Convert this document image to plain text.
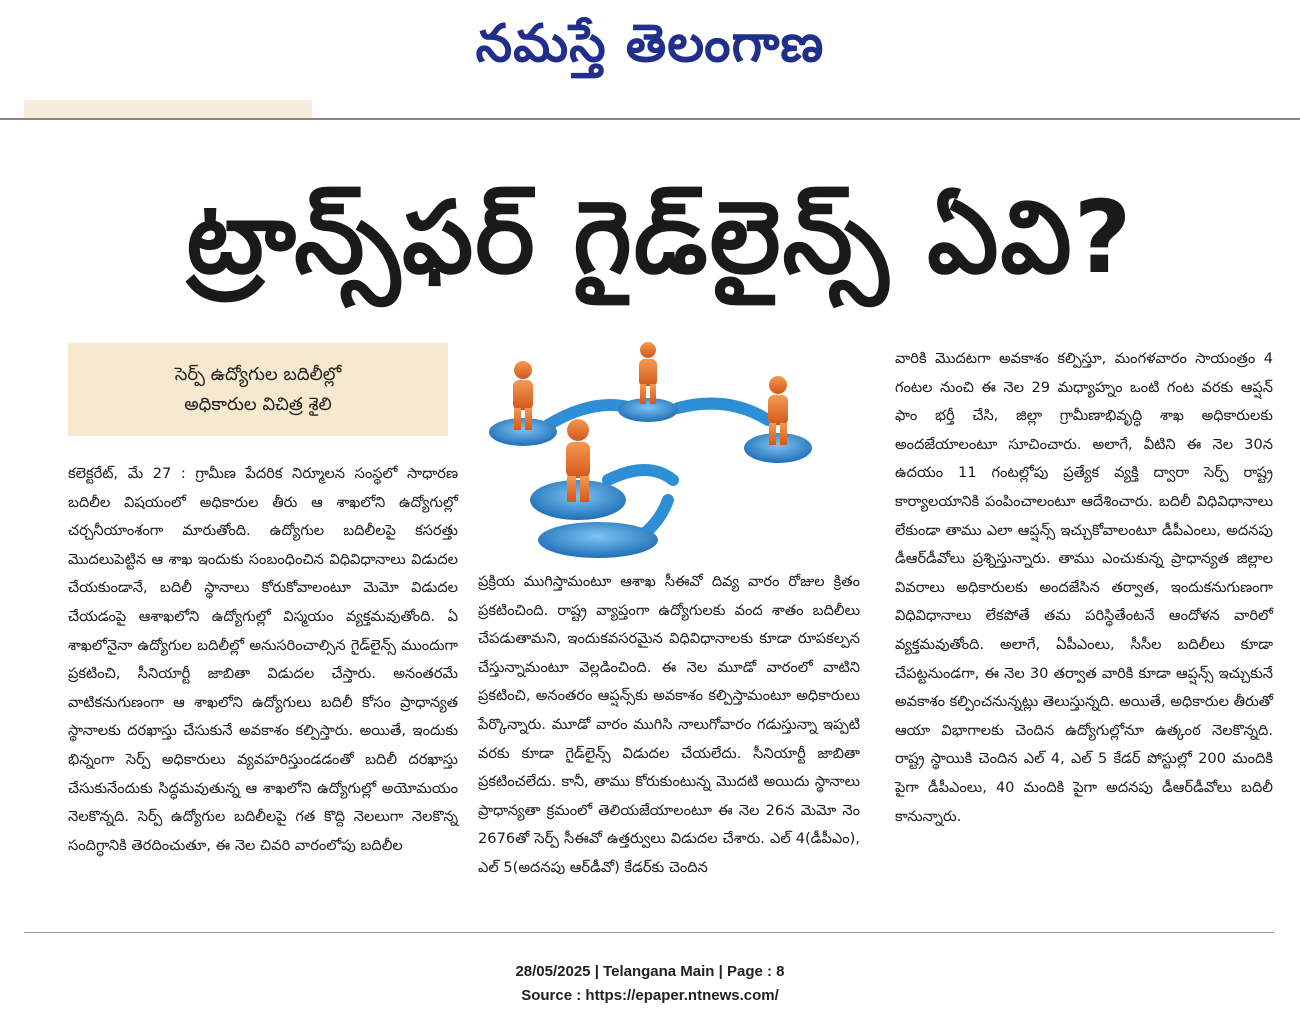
నమస్తే తెలంగాణ
ట్రాన్స్‌ఫర్ గైడ్‌లైన్స్ ఏవి?
సెర్ప్ ఉద్యోగుల బదిలీల్లో
అధికారుల విచిత్ర శైలి

కలెక్టరేట్, మే 27 : గ్రామీణ పేదరిక నిర్మూలన సంస్థలో సాధారణ బదిలీల విషయంలో అధికారుల తీరు ఆ శాఖలోని ఉద్యోగుల్లో చర్చనీయాంశంగా మారుతోంది. ఉద్యోగుల బదిలీలపై కసరత్తు మొదలుపెట్టిన ఆ శాఖ ఇందుకు సంబంధించిన విధివిధానాలు విడుదల చేయకుండానే, బదిలీ స్థానాలు కోరుకోవాలంటూ మెమో విడుదల చేయడంపై ఆశాఖలోని ఉద్యోగుల్లో విస్మయం వ్యక్తమవుతోంది. ఏ శాఖలోనైనా ఉద్యోగుల బదిలీల్లో అనుసరించాల్సిన గైడ్‌లైన్స్ ముందుగా ప్రకటించి, సీనియార్టీ జాబితా విడుదల చేస్తారు. అనంతరమే వాటికనుగుణంగా ఆ శాఖలోని ఉద్యోగులు బదిలీ కోసం ప్రాధాన్యత స్థానాలకు దరఖాస్తు చేసుకునే అవకాశం కల్పిస్తారు. అయితే, ఇందుకు భిన్నంగా సెర్ప్ అధికారులు వ్యవహరిస్తుండడంతో బదిలీ దరఖాస్తు చేసుకునేందుకు సిద్ధమవుతున్న ఆ శాఖలోని ఉద్యోగుల్లో అయోమయం నెలకొన్నది. సెర్ప్ ఉద్యోగుల బదిలీలపై గత కొద్ది నెలలుగా నెలకొన్న సందిగ్ధానికి తెరదించుతూ, ఈ నెల చివరి వారంలోపు బదిలీల

ప్రక్రియ ముగిస్తామంటూ ఆశాఖ సీఈవో దివ్య వారం రోజుల క్రితం ప్రకటించింది. రాష్ట్ర వ్యాప్తంగా ఉద్యోగులకు వంద శాతం బదిలీలు చేపడుతామని, ఇందుకవసరమైన విధివిధానాలకు కూడా రూపకల్పన చేస్తున్నామంటూ వెల్లడించింది. ఈ నెల మూడో వారంలో వాటిని ప్రకటించి, అనంతరం ఆప్షన్స్‌కు అవకాశం కల్పిస్తామంటూ అధికారులు పేర్కొన్నారు. మూడో వారం ముగిసి నాలుగోవారం గడుస్తున్నా ఇప్పటి వరకు కూడా గైడ్‌లైన్స్ విడుదల చేయలేదు. సీనియార్టీ జాబితా ప్రకటించలేదు. కానీ, తాము కోరుకుంటున్న మొదటి అయిదు స్థానాలు ప్రాధాన్యతా క్రమంలో తెలియజేయాలంటూ ఈ నెల 26న మెమో నెం 2676తో సెర్ప్ సీఈవో ఉత్తర్వులు విడుదల చేశారు. ఎల్ 4(డీపీఎం), ఎల్ 5(అదనపు ఆర్‌డీవో) కేడర్‌కు చెందిన

వారికి మొదటగా అవకాశం కల్పిస్తూ, మంగళవారం సాయంత్రం 4 గంటల నుంచి ఈ నెల 29 మధ్యాహ్నం ఒంటి గంట వరకు ఆప్షన్ ఫాం భర్తీ చేసి, జిల్లా గ్రామీణాభివృద్ధి శాఖ అధికారులకు అందజేయాలంటూ సూచించారు. అలాగే, వీటిని ఈ నెల 30న ఉదయం 11 గంటల్లోపు ప్రత్యేక వ్యక్తి ద్వారా సెర్ప్ రాష్ట్ర కార్యాలయానికి పంపించాలంటూ ఆదేశించారు. బదిలీ విధివిధానాలు లేకుండా తాము ఎలా ఆప్షన్స్ ఇచ్చుకోవాలంటూ డీపీఎంలు, అదనపు డీఆర్‌డీవోలు ప్రశ్నిస్తున్నారు. తాము ఎంచుకున్న ప్రాధాన్యత జిల్లాల వివరాలు అధికారులకు అందజేసిన తర్వాత, ఇందుకనుగుణంగా విధివిధానాలు లేకపోతే తమ పరిస్థితేంటనే ఆందోళన వారిలో వ్యక్తమవుతోంది. అలాగే, ఏపీఎంలు, సీసీల బదిలీలు కూడా చేపట్టనుండగా, ఈ నెల 30 తర్వాత వారికి కూడా ఆప్షన్స్ ఇచ్చుకునే అవకాశం కల్పించనున్నట్లు తెలుస్తున్నది. అయితే, అధికారుల తీరుతో ఆయా విభాగాలకు చెందిన ఉద్యోగుల్లోనూ ఉత్కంఠ నెలకొన్నది. రాష్ట్ర స్థాయికి చెందిన ఎల్ 4, ఎల్ 5 కేడర్ పోస్టుల్లో 200 మందికి పైగా డీపీఎంలు, 40 మందికి పైగా అదనపు డీఆర్‌డీవోలు బదిలీ కానున్నారు.

28/05/2025 | Telangana Main | Page : 8
Source : https://epaper.ntnews.com/
